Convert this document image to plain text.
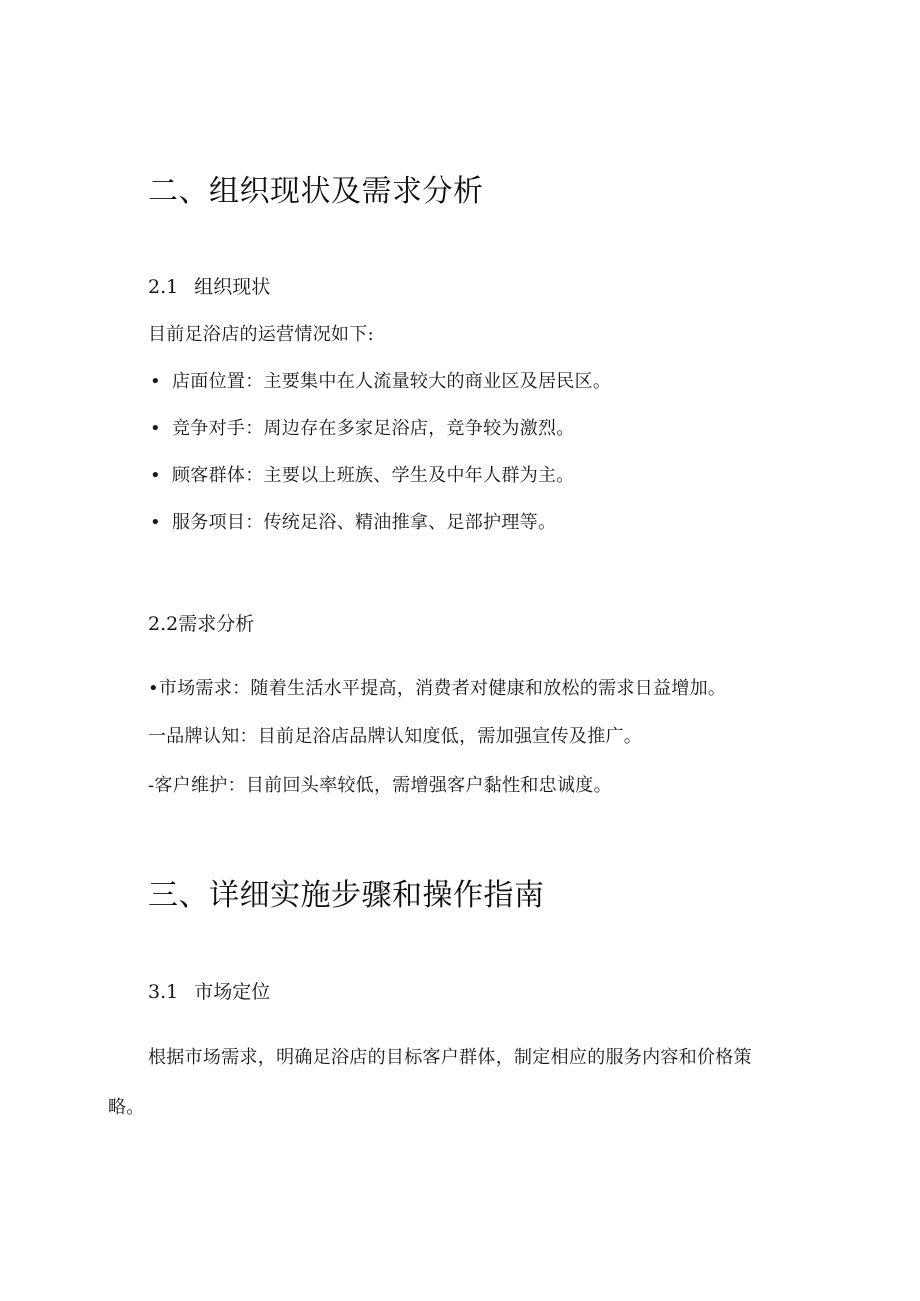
二、组织现状及需求分析
2.1 组织现状

目前足浴店的运营情况如下:

• 店面位置：主要集中在人流量较大的商业区及居民区。
• 竞争对手：周边存在多家足浴店，竞争较为激烈。
• 顾客群体：主要以上班族、学生及中年人群为主。
• 服务项目：传统足浴、精油推拿、足部护理等。
2.2需求分析

•市场需求：随着生活水平提高，消费者对健康和放松的需求日益增加。

一品牌认知：目前足浴店品牌认知度低，需加强宣传及推广。

-客户维护：目前回头率较低，需增强客户黏性和忠诚度。

三、详细实施步骤和操作指南
3.1 市场定位

根据市场需求，明确足浴店的目标客户群体，制定相应的服务内容和价格策

略。
